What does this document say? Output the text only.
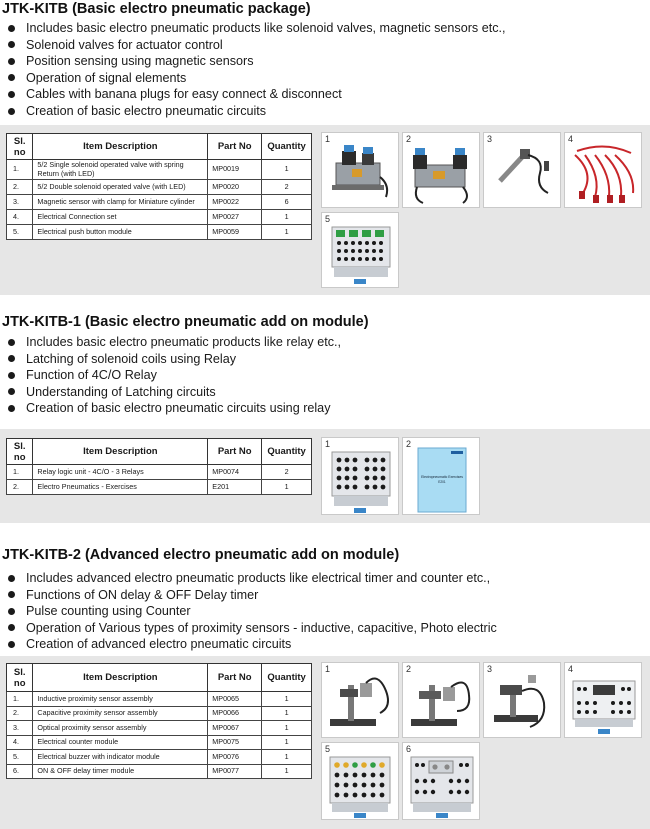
JTK-KITB (Basic electro pneumatic package)
Includes basic electro pneumatic products like solenoid valves, magnetic sensors etc.,
Solenoid valves for actuator control
Position sensing using magnetic sensors
Operation of signal elements
Cables with banana plugs for easy connect & disconnect
Creation of basic electro pneumatic circuits
Sl.
no	Item Description	Part No	Quantity
1.	5/2 Single solenoid operated valve with spring Return (with LED)	MP0019	1
2.	5/2 Double solenoid operated valve (with LED)	MP0020	2
3.	Magnetic sensor with clamp for Miniature cylinder	MP0022	6
4.	Electrical Connection set	MP0027	1
5.	Electrical push button module	MP0059	1
1	2	3	4
5
JTK-KITB-1 (Basic electro pneumatic add on module)
Includes basic electro pneumatic products like relay etc.,
Latching of solenoid coils using Relay
Function of 4C/O Relay
Understanding of Latching circuits
Creation of basic electro pneumatic circuits using relay
Sl.
no	Item Description	Part No	Quantity
1.	Relay logic unit - 4C/O - 3 Relays	MP0074	2
2.	Electro Pneumatics - Exercises	E201	1
1	2
Electropneumatic Exercises
E201
JTK-KITB-2 (Advanced electro pneumatic add on module)
Includes advanced electro pneumatic products like electrical timer and counter etc.,
Functions of ON delay & OFF Delay timer
Pulse counting using Counter
Operation of Various types of proximity sensors - inductive, capacitive, Photo electric
Creation of advanced electro pneumatic circuits
Sl.
no	Item Description	Part No	Quantity
1.	Inductive proximity sensor assembly	MP0065	1
2.	Capacitive proximity sensor assembly	MP0066	1
3.	Optical proximity sensor assembly	MP0067	1
4.	Electrical counter module	MP0075	1
5.	Electrical buzzer with indicator module	MP0076	1
6.	ON & OFF delay timer module	MP0077	1
1	2	3	4
5	6
